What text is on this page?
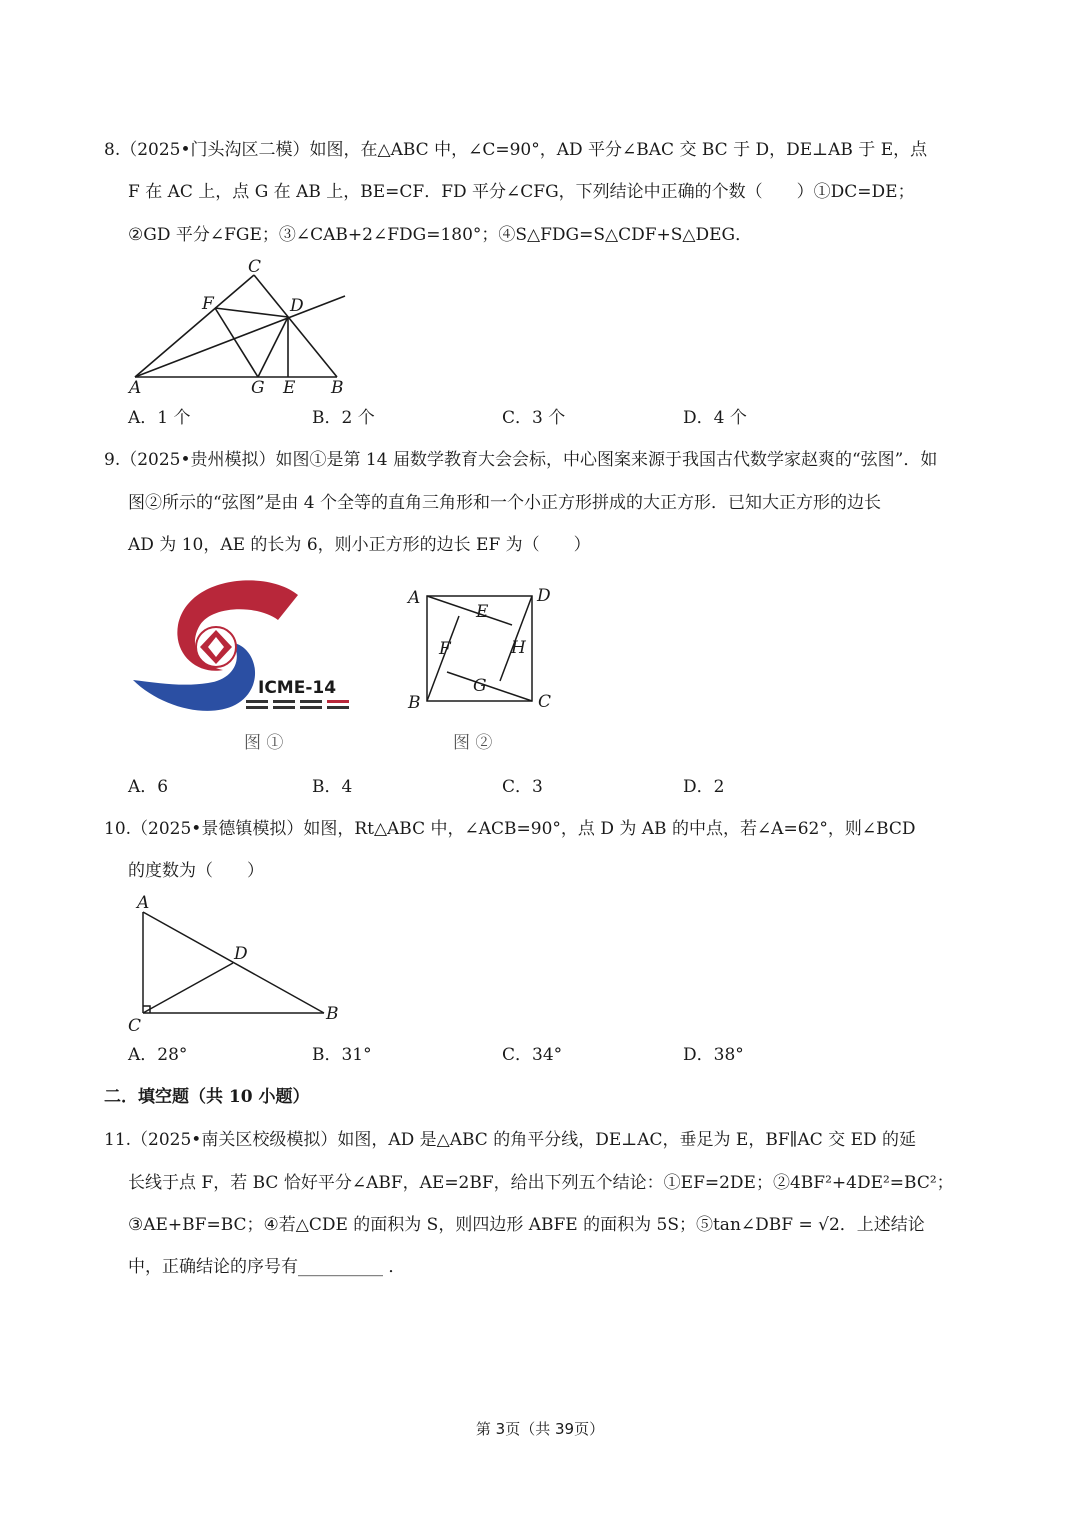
8.（2025•门头沟区二模）如图，在△ABC 中，∠C=90°，AD 平分∠BAC 交 BC 于 D，DE⊥AB 于 E，点
F 在 AC 上，点 G 在 AB 上，BE=CF．FD 平分∠CFG，下列结论中正确的个数（　　）①DC=DE；
②GD 平分∠FGE；③∠CAB+2∠FDG=180°；④S△FDG=S△CDF+S△DEG．
C
F	D
A	G E B
A．1 个	B．2 个	C．3 个	D．4 个
9.（2025•贵州模拟）如图①是第 14 届数学教育大会会标，中心图案来源于我国古代数学家赵爽的“弦图”．如
图②所示的“弦图”是由 4 个全等的直角三角形和一个小正方形拼成的大正方形．已知大正方形的边长
AD 为 10，AE 的长为 6，则小正方形的边长 EF 为（　　）
ICME-14
图 ①
A	D
E
F	H
G
B	C
图 ②
A．6	B．4	C．3	D．2
10.（2025•景德镇模拟）如图，Rt△ABC 中，∠ACB=90°，点 D 为 AB 的中点，若∠A=62°，则∠BCD
的度数为（　　）
A
D
B
C
A．28°	B．31°	C．34°	D．38°
二．填空题（共 10 小题）
11.（2025•南关区校级模拟）如图，AD 是△ABC 的角平分线，DE⊥AC，垂足为 E，BF∥AC 交 ED 的延
长线于点 F，若 BC 恰好平分∠ABF，AE=2BF，给出下列五个结论：①EF=2DE；②4BF²+4DE²=BC²；
③AE+BF=BC；④若△CDE 的面积为 S，则四边形 ABFE 的面积为 5S；⑤tan∠DBF = √2．上述结论
中，正确结论的序号有__________ ．
第 3页（共 39页）
